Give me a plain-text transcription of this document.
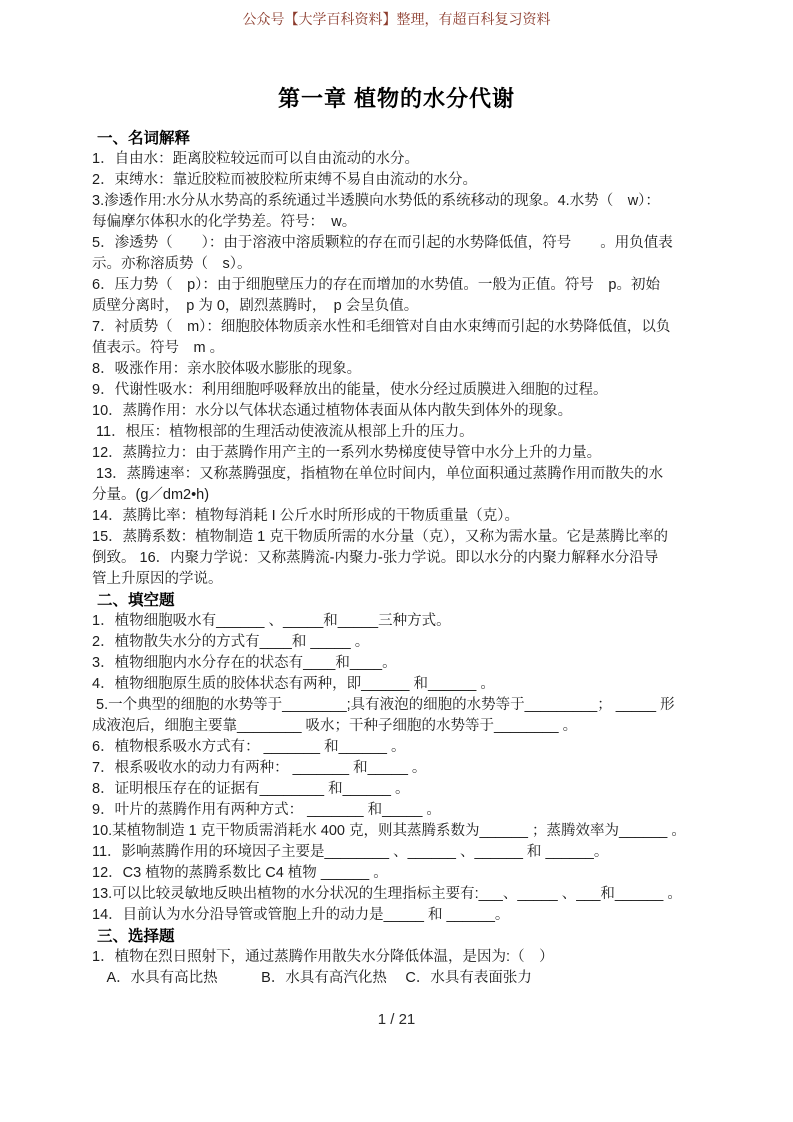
公众号【大学百科资料】整理，有超百科复习资料
第一章 植物的水分代谢
一、名词解释
1．自由水：距离胶粒较远而可以自由流动的水分。
2．束缚水：靠近胶粒而被胶粒所束缚不易自由流动的水分。
3.渗透作用:水分从水势高的系统通过半透膜向水势低的系统移动的现象。4.水势（　w）：
每偏摩尔体积水的化学势差。符号：　w。
5．渗透势（　　）：由于溶液中溶质颗粒的存在而引起的水势降低值，符号　　。用负值表
示。亦称溶质势（　s）。
6．压力势（　p）：由于细胞壁压力的存在而增加的水势值。一般为正值。符号　p。初始
质壁分离时，　p 为 0，剧烈蒸腾时，　p 会呈负值。
7．衬质势（　m）：细胞胶体物质亲水性和毛细管对自由水束缚而引起的水势降低值，以负
值表示。符号　m 。
8．吸涨作用：亲水胶体吸水膨胀的现象。
9．代谢性吸水：利用细胞呼吸释放出的能量，使水分经过质膜进入细胞的过程。
10．蒸腾作用：水分以气体状态通过植物体表面从体内散失到体外的现象。
11．根压：植物根部的生理活动使液流从根部上升的压力。
12．蒸腾拉力：由于蒸腾作用产主的一系列水势梯度使导管中水分上升的力量。
13．蒸腾速率：又称蒸腾强度，指植物在单位时间内，单位面积通过蒸腾作用而散失的水
分量。(g／dm2•h)
14．蒸腾比率：植物每消耗 I 公斤水时所形成的干物质重量（克）。
15．蒸腾系数：植物制造 1 克干物质所需的水分量（克），又称为需水量。它是蒸腾比率的
倒致。 16．内聚力学说：又称蒸腾流-内聚力-张力学说。即以水分的内聚力解释水分沿导
管上升原因的学说。
二、填空题
1．植物细胞吸水有______ 、_____和_____三种方式。
2．植物散失水分的方式有____和 _____ 。
3．植物细胞内水分存在的状态有____和____。
4．植物细胞原生质的胶体状态有两种，即______ 和______ 。
5.一个典型的细胞的水势等于________;具有液泡的细胞的水势等于_________； _____ 形
成液泡后，细胞主要靠________ 吸水；干种子细胞的水势等于________ 。
6．植物根系吸水方式有： _______ 和______ 。
7．根系吸收水的动力有两种： _______ 和_____ 。
8．证明根压存在的证据有________ 和______ 。
9．叶片的蒸腾作用有两种方式： _______ 和_____ 。
10.某植物制造 1 克干物质需消耗水 400 克，则其蒸腾系数为______ ；蒸腾效率为______ 。
11．影响蒸腾作用的环境因子主要是________ 、______ 、______ 和 ______。
12．C3 植物的蒸腾系数比 C4 植物 ______ 。
13.可以比较灵敏地反映出植物的水分状况的生理指标主要有:___、_____ 、___和______ 。
14．目前认为水分沿导管或管胞上升的动力是_____ 和 ______。
三、选择题
1．植物在烈日照射下，通过蒸腾作用散失水分降低体温，是因为:（　）
　A．水具有高比热　　　B．水具有高汽化热　 C．水具有表面张力
1 / 21
